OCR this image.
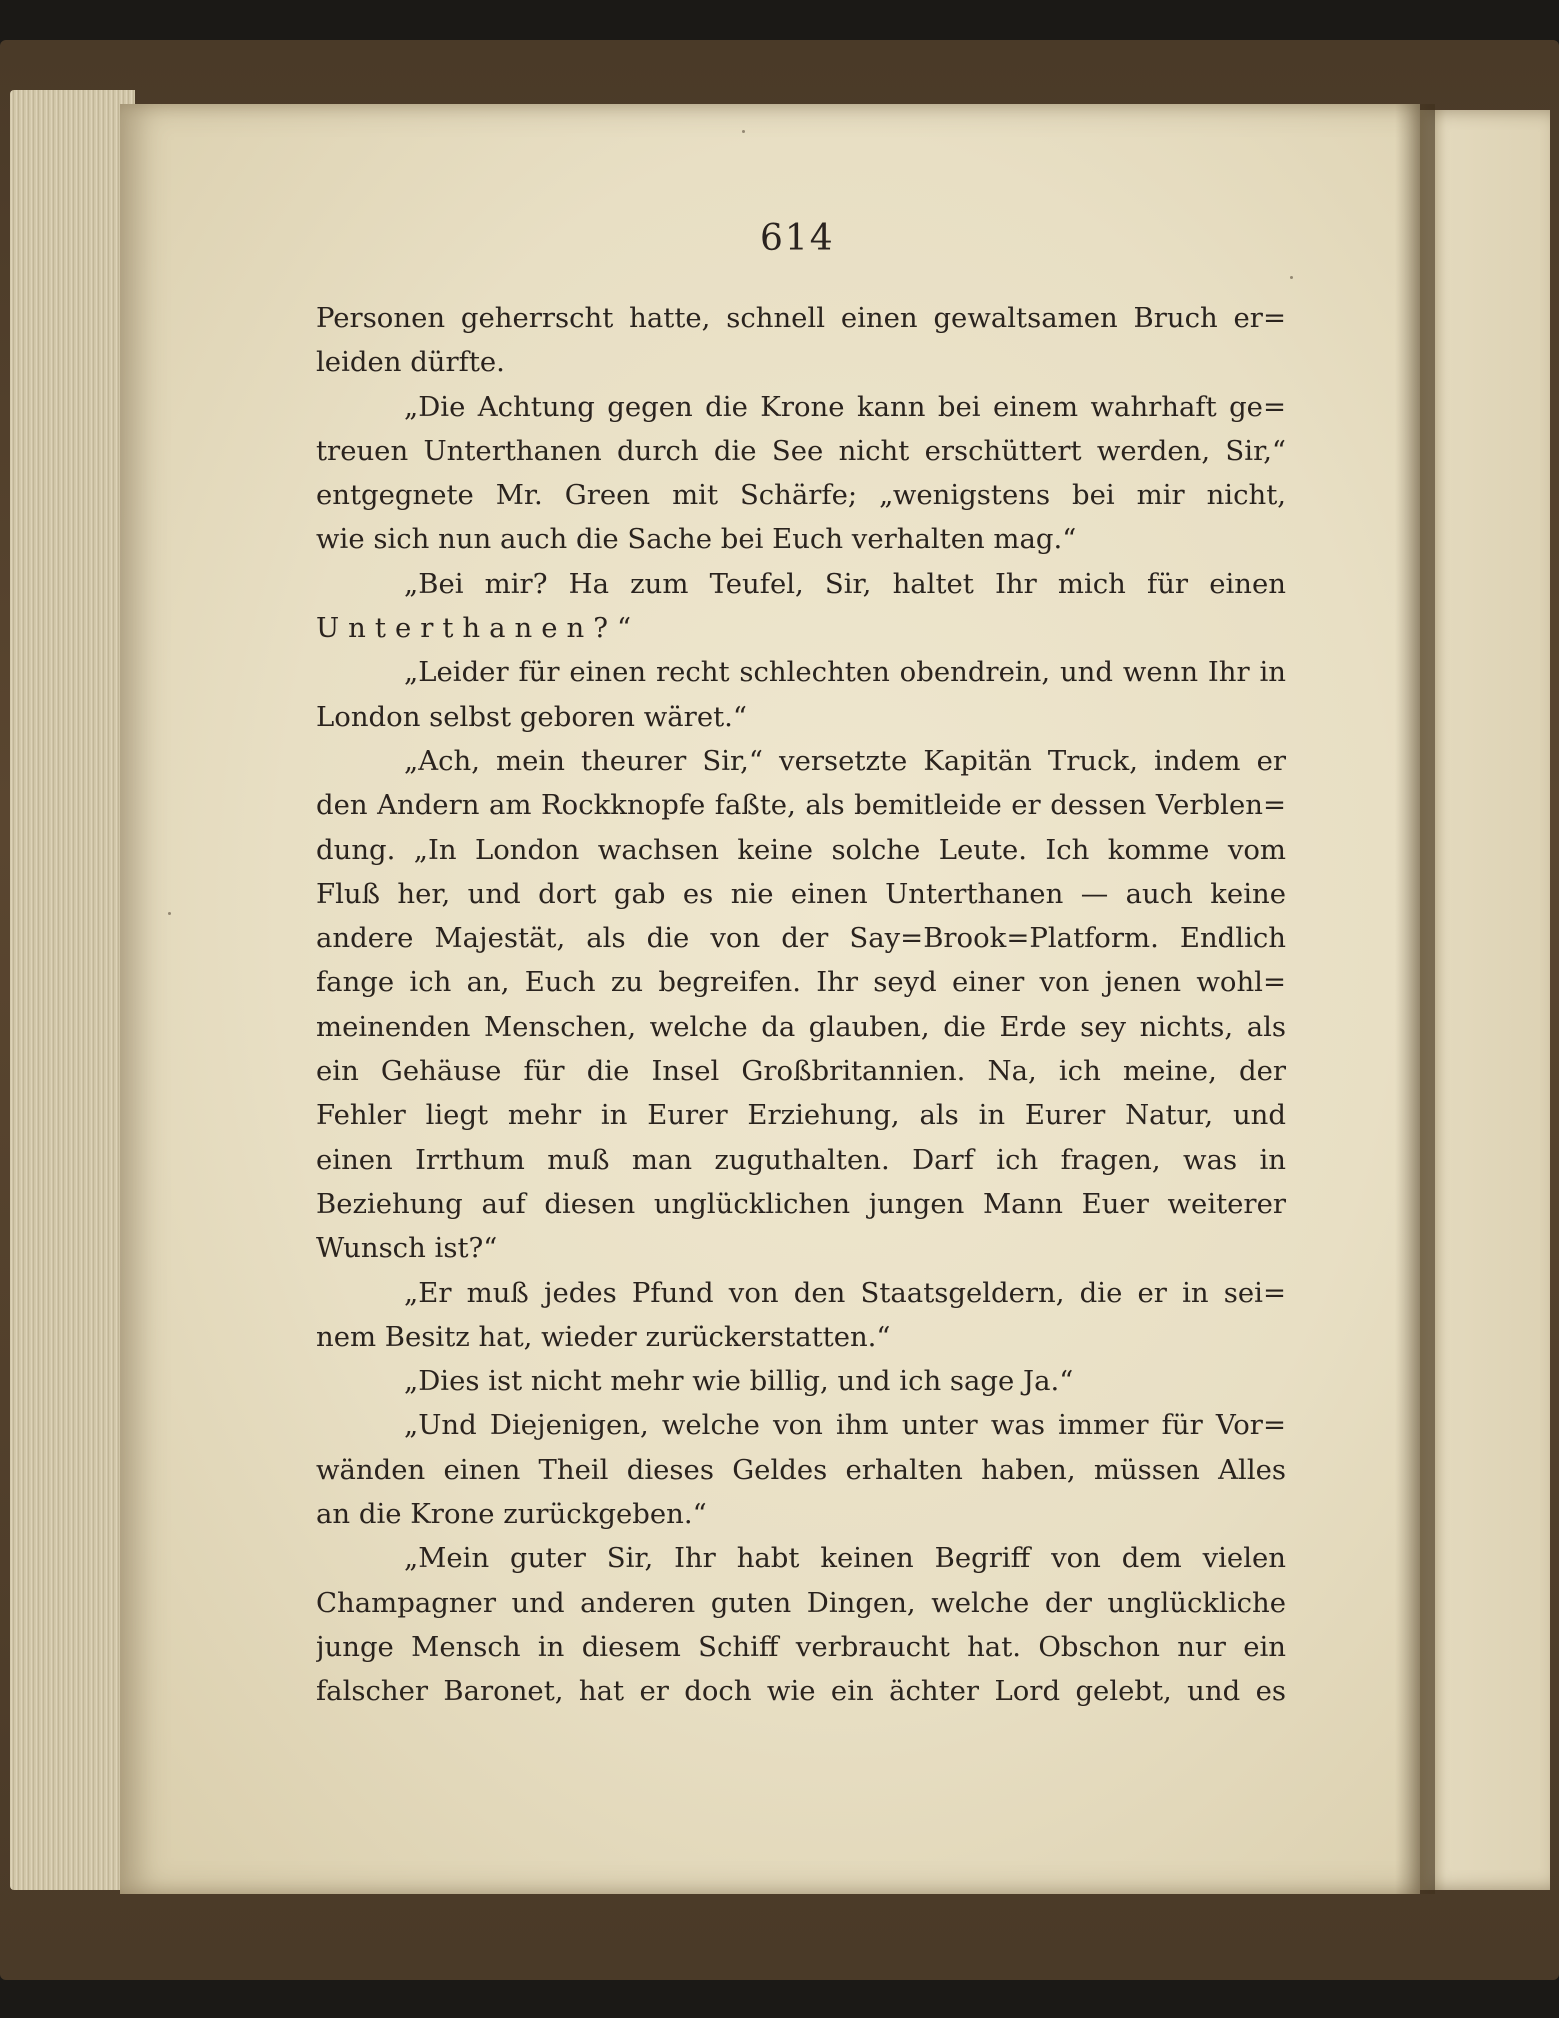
614
Personen geherrscht hatte, schnell einen gewaltsamen Bruch er=
leiden dürfte.
„Die Achtung gegen die Krone kann bei einem wahrhaft ge=
treuen Unterthanen durch die See nicht erschüttert werden, Sir,“
entgegnete Mr. Green mit Schärfe; „wenigstens bei mir nicht,
wie sich nun auch die Sache bei Euch verhalten mag.“
„Bei mir? Ha zum Teufel, Sir, haltet Ihr mich für einen
Unterthanen?“
„Leider für einen recht schlechten obendrein, und wenn Ihr in
London selbst geboren wäret.“
„Ach, mein theurer Sir,“ versetzte Kapitän Truck, indem er
den Andern am Rockknopfe faßte, als bemitleide er dessen Verblen=
dung. „In London wachsen keine solche Leute. Ich komme vom
Fluß her, und dort gab es nie einen Unterthanen — auch keine
andere Majestät, als die von der Say=Brook=Platform. Endlich
fange ich an, Euch zu begreifen. Ihr seyd einer von jenen wohl=
meinenden Menschen, welche da glauben, die Erde sey nichts, als
ein Gehäuse für die Insel Großbritannien. Na, ich meine, der
Fehler liegt mehr in Eurer Erziehung, als in Eurer Natur, und
einen Irrthum muß man zuguthalten. Darf ich fragen, was in
Beziehung auf diesen unglücklichen jungen Mann Euer weiterer
Wunsch ist?“
„Er muß jedes Pfund von den Staatsgeldern, die er in sei=
nem Besitz hat, wieder zurückerstatten.“
„Dies ist nicht mehr wie billig, und ich sage Ja.“
„Und Diejenigen, welche von ihm unter was immer für Vor=
wänden einen Theil dieses Geldes erhalten haben, müssen Alles
an die Krone zurückgeben.“
„Mein guter Sir, Ihr habt keinen Begriff von dem vielen
Champagner und anderen guten Dingen, welche der unglückliche
junge Mensch in diesem Schiff verbraucht hat. Obschon nur ein
falscher Baronet, hat er doch wie ein ächter Lord gelebt, und es
